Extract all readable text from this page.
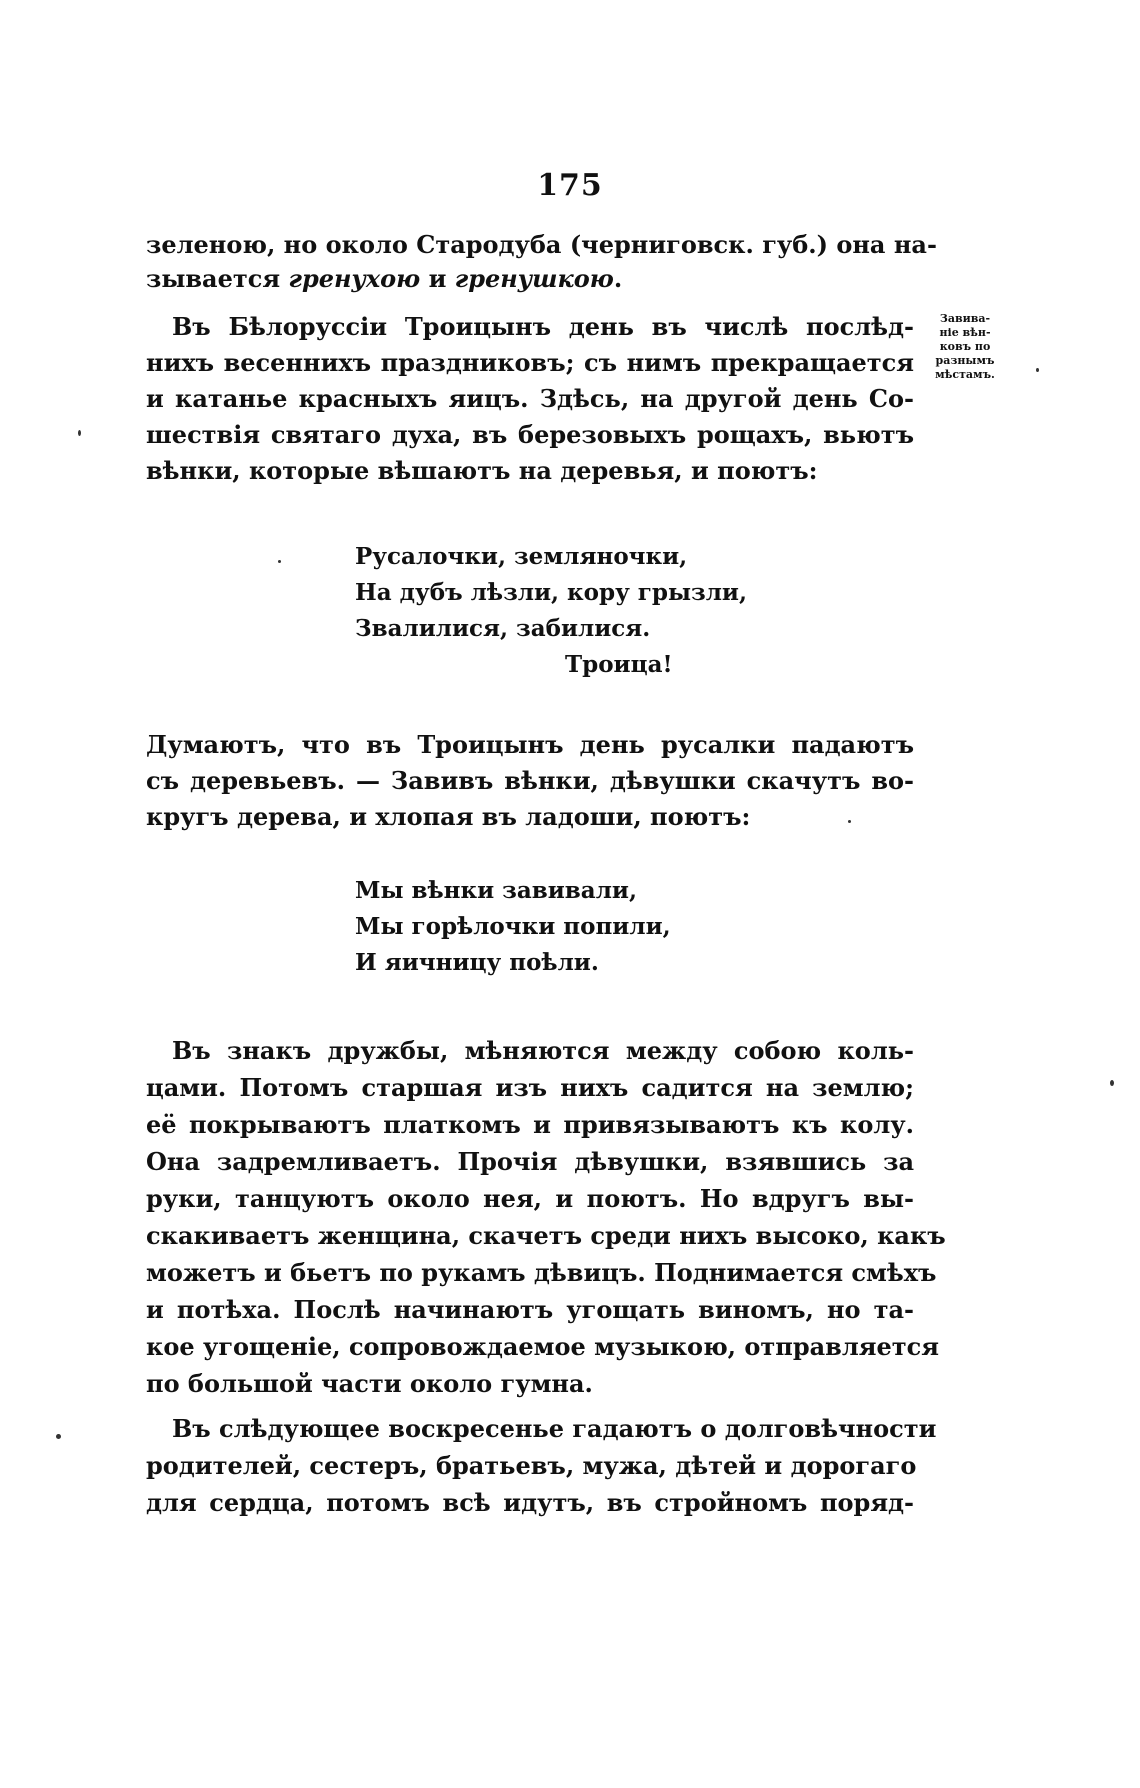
175
зеленою, но около Стародуба (черниговск. губ.) она на-
зывается гренухою и гренушкою.
Въ Бѣлоруссіи Троицынъ день въ числѣ послѣд-
нихъ весеннихъ праздниковъ; съ нимъ прекращается
и катанье красныхъ яицъ. Здѣсь, на другой день Со-
шествія святаго духа, въ березовыхъ рощахъ, вьютъ
вѣнки, которые вѣшаютъ на деревья, и поютъ:
Завива-
ніе вѣн-
ковъ по
разнымъ
мѣстамъ.
Русалочки, земляночки,
На дубъ лѣзли, кору грызли,
Звалилися, забилися.
Троица!
Думаютъ, что въ Троицынъ день русалки падаютъ
съ деревьевъ. — Завивъ вѣнки, дѣвушки скачутъ во-
кругъ дерева, и хлопая въ ладоши, поютъ:
Мы вѣнки завивали,
Мы горѣлочки попили,
И яичницу поѣли.
Въ знакъ дружбы, мѣняются между собою коль-
цами. Потомъ старшая изъ нихъ садится на землю;
её покрываютъ платкомъ и привязываютъ къ колу.
Она задремливаетъ. Прочія дѣвушки, взявшись за
руки, танцуютъ около нея, и поютъ. Но вдругъ вы-
скакиваетъ женщина, скачетъ среди нихъ высоко, какъ
можетъ и бьетъ по рукамъ дѣвицъ. Поднимается смѣхъ
и потѣха. Послѣ начинаютъ угощать виномъ, но та-
кое угощеніе, сопровождаемое музыкою, отправляется
по большой части около гумна.
Въ слѣдующее воскресенье гадаютъ о долговѣчности
родителей, сестеръ, братьевъ, мужа, дѣтей и дорогаго
для сердца, потомъ всѣ идутъ, въ стройномъ поряд-
